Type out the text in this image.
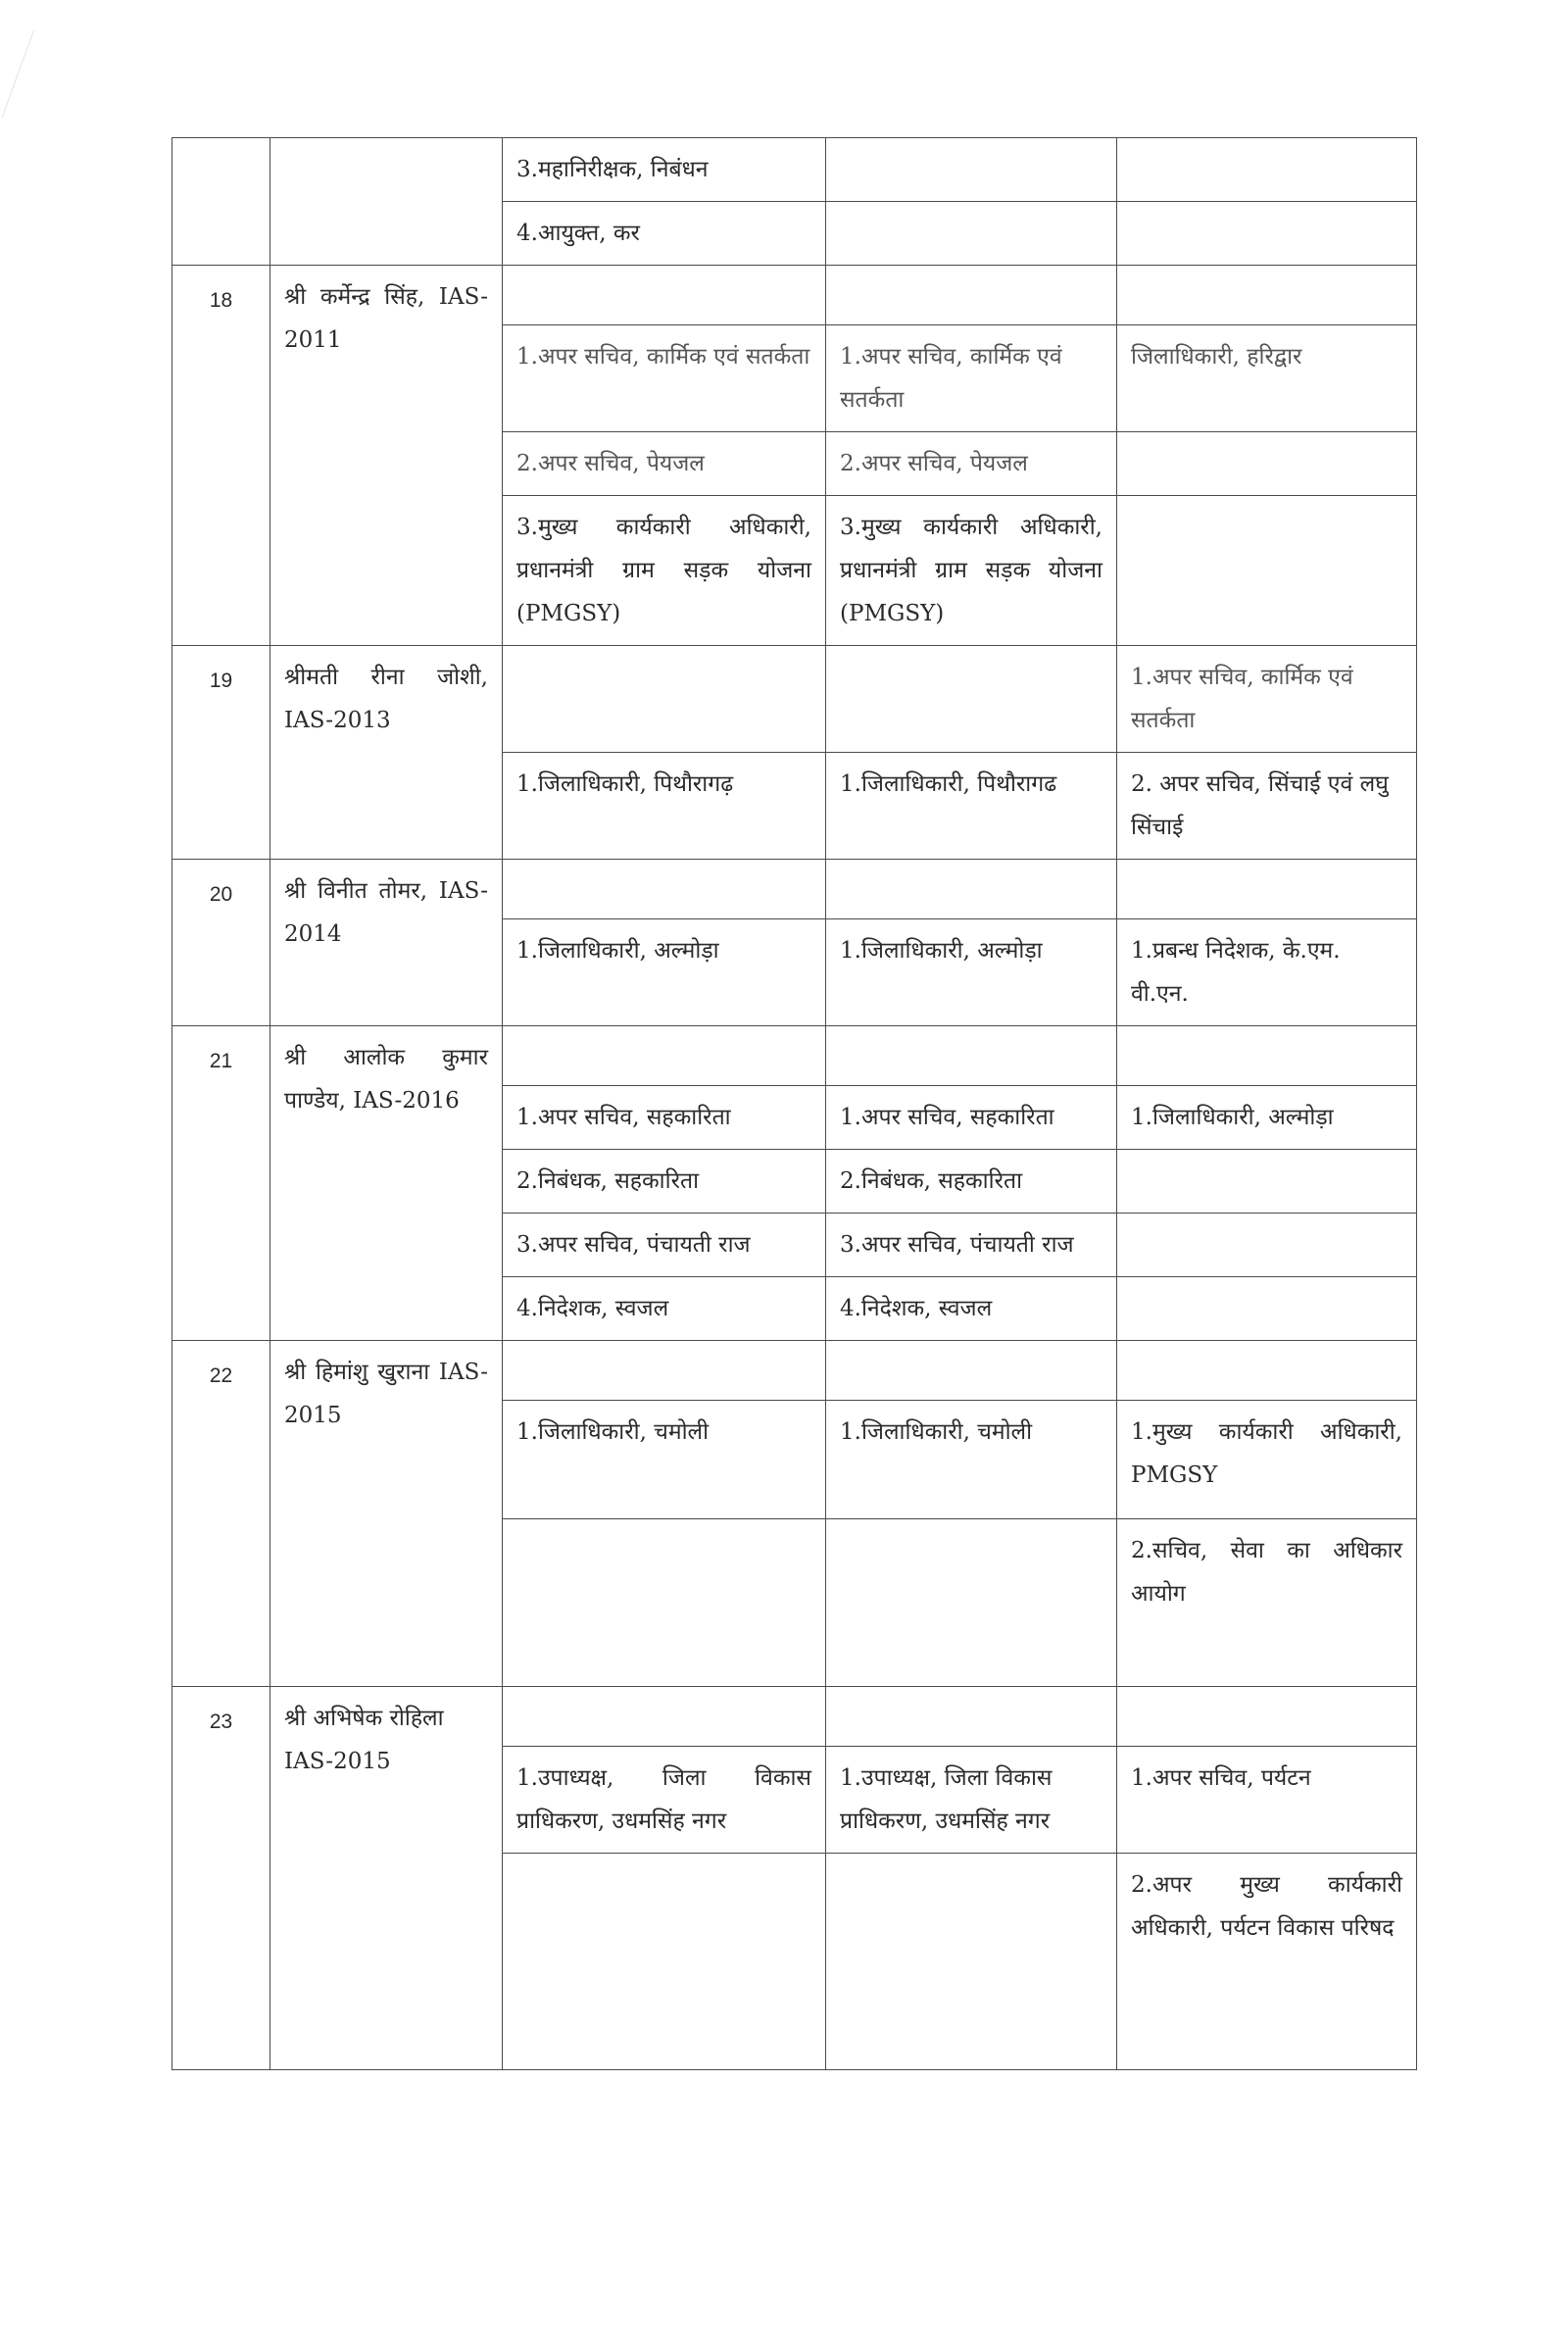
		3.महानिरीक्षक, निबंधन		
		4.आयुक्त, कर		
18	श्री कर्मेन्द्र सिंह, IAS-2011			
		1.अपर सचिव, कार्मिक एवं सतर्कता	1.अपर सचिव, कार्मिक एवं सतर्कता	जिलाधिकारी, हरिद्वार
		2.अपर सचिव, पेयजल	2.अपर सचिव, पेयजल	
		3.मुख्य कार्यकारी अधिकारी, प्रधानमंत्री ग्राम सड़क योजना (PMGSY)	3.मुख्य कार्यकारी अधिकारी, प्रधानमंत्री ग्राम सड़क योजना (PMGSY)	
19	श्रीमती रीना जोशी, IAS-2013			1.अपर सचिव, कार्मिक एवं सतर्कता
		1.जिलाधिकारी, पिथौरागढ़	1.जिलाधिकारी, पिथौरागढ	2. अपर सचिव, सिंचाई एवं लघु सिंचाई
20	श्री विनीत तोमर, IAS-2014			
		1.जिलाधिकारी, अल्मोड़ा	1.जिलाधिकारी, अल्मोड़ा	1.प्रबन्ध निदेशक, के.एम. वी.एन.
21	श्री आलोक कुमार पाण्डेय, IAS-2016			
		1.अपर सचिव, सहकारिता	1.अपर सचिव, सहकारिता	1.जिलाधिकारी, अल्मोड़ा
		2.निबंधक, सहकारिता	2.निबंधक, सहकारिता	
		3.अपर सचिव, पंचायती राज	3.अपर सचिव, पंचायती राज	
		4.निदेशक, स्वजल	4.निदेशक, स्वजल	
22	श्री हिमांशु खुराना IAS-2015			
		1.जिलाधिकारी, चमोली	1.जिलाधिकारी, चमोली	1.मुख्य कार्यकारी अधिकारी, PMGSY
				2.सचिव, सेवा का अधिकार आयोग
23	श्री अभिषेक रोहिला IAS-2015			
		1.उपाध्यक्ष, जिला विकास प्राधिकरण, उधमसिंह नगर	1.उपाध्यक्ष, जिला विकास प्राधिकरण, उधमसिंह नगर	1.अपर सचिव, पर्यटन
				2.अपर मुख्य कार्यकारी अधिकारी, पर्यटन विकास परिषद
